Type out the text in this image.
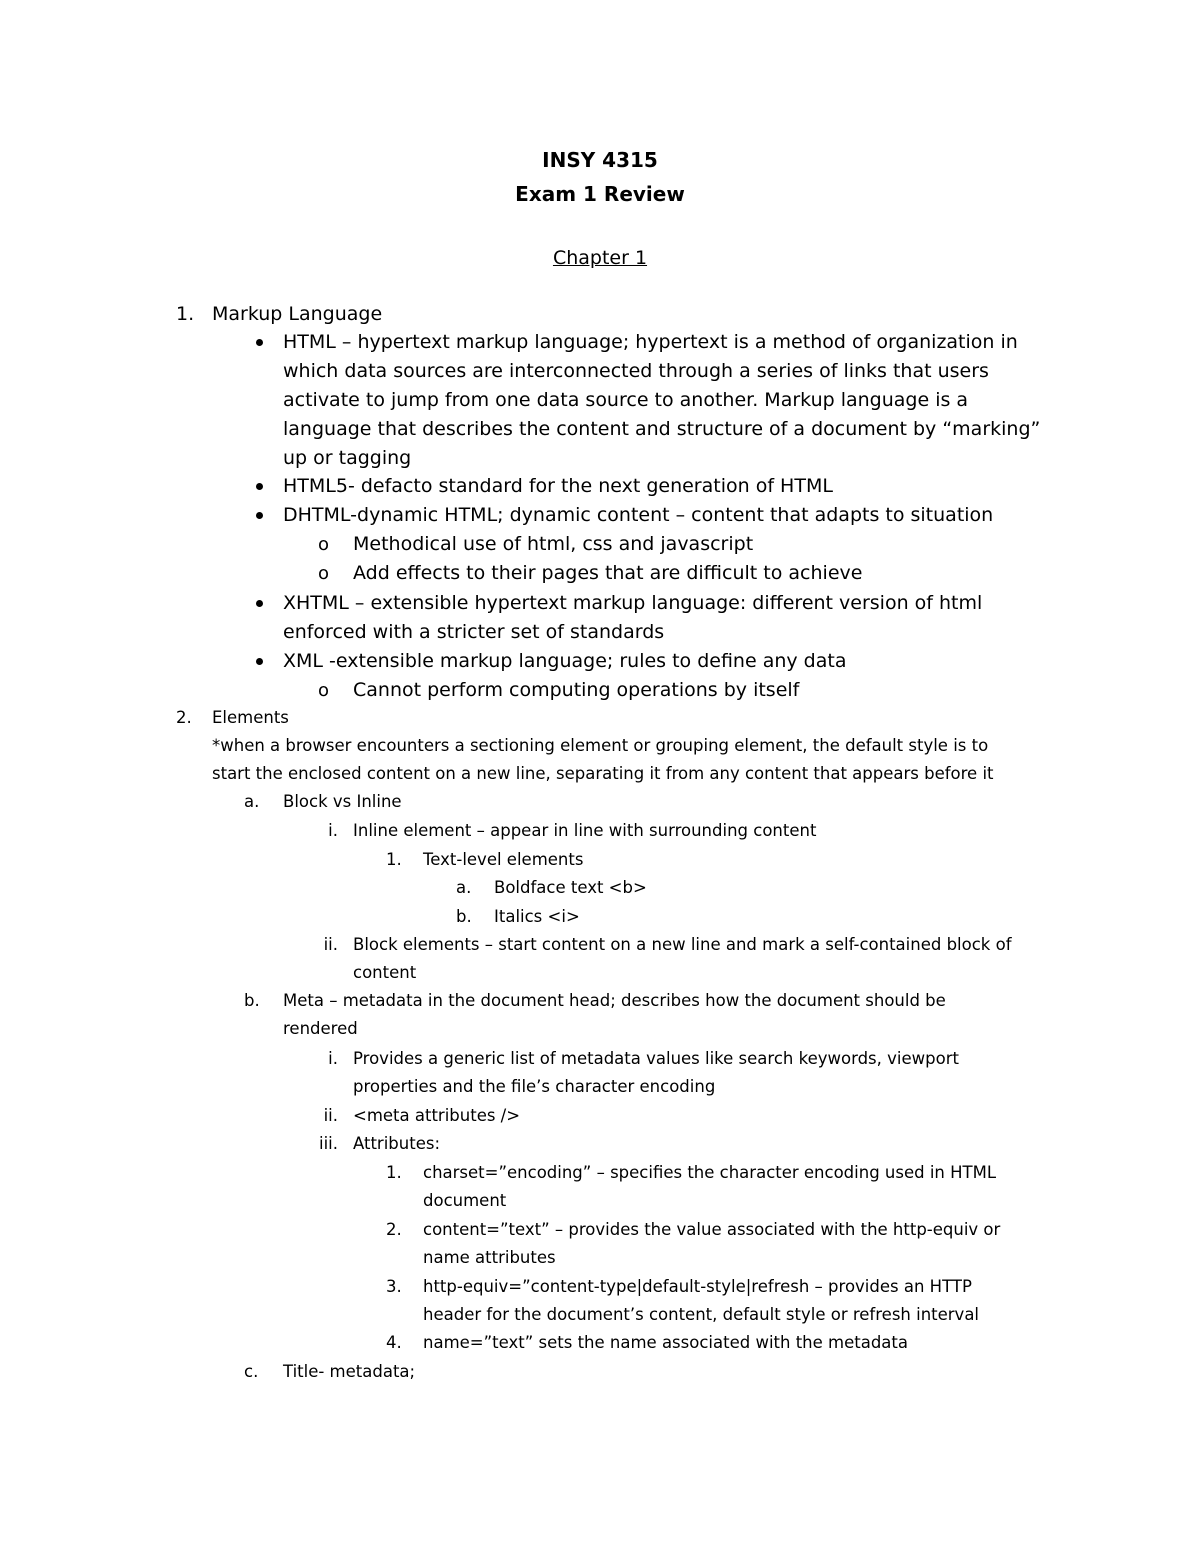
INSY 4315
Exam 1 Review
Chapter 1
1. Markup Language
HTML – hypertext markup language; hypertext is a method of organization in
which data sources are interconnected through a series of links that users
activate to jump from one data source to another. Markup language is a
language that describes the content and structure of a document by “marking”
up or tagging
HTML5- defacto standard for the next generation of HTML
DHTML-dynamic HTML; dynamic content – content that adapts to situation
o Methodical use of html, css and javascript
o Add effects to their pages that are difficult to achieve
XHTML – extensible hypertext markup language: different version of html
enforced with a stricter set of standards
XML -extensible markup language; rules to define any data
o Cannot perform computing operations by itself
2. Elements
*when a browser encounters a sectioning element or grouping element, the default style is to
start the enclosed content on a new line, separating it from any content that appears before it
a. Block vs Inline
i. Inline element – appear in line with surrounding content
1. Text-level elements
a. Boldface text <b>
b. Italics <i>
ii. Block elements – start content on a new line and mark a self-contained block of
content
b. Meta – metadata in the document head; describes how the document should be
rendered
i. Provides a generic list of metadata values like search keywords, viewport
properties and the file’s character encoding
ii. <meta attributes />
iii. Attributes:
1. charset=”encoding” – specifies the character encoding used in HTML
document
2. content=”text” – provides the value associated with the http-equiv or
name attributes
3. http-equiv=”content-type|default-style|refresh – provides an HTTP
header for the document’s content, default style or refresh interval
4. name=”text” sets the name associated with the metadata
c. Title- metadata;
